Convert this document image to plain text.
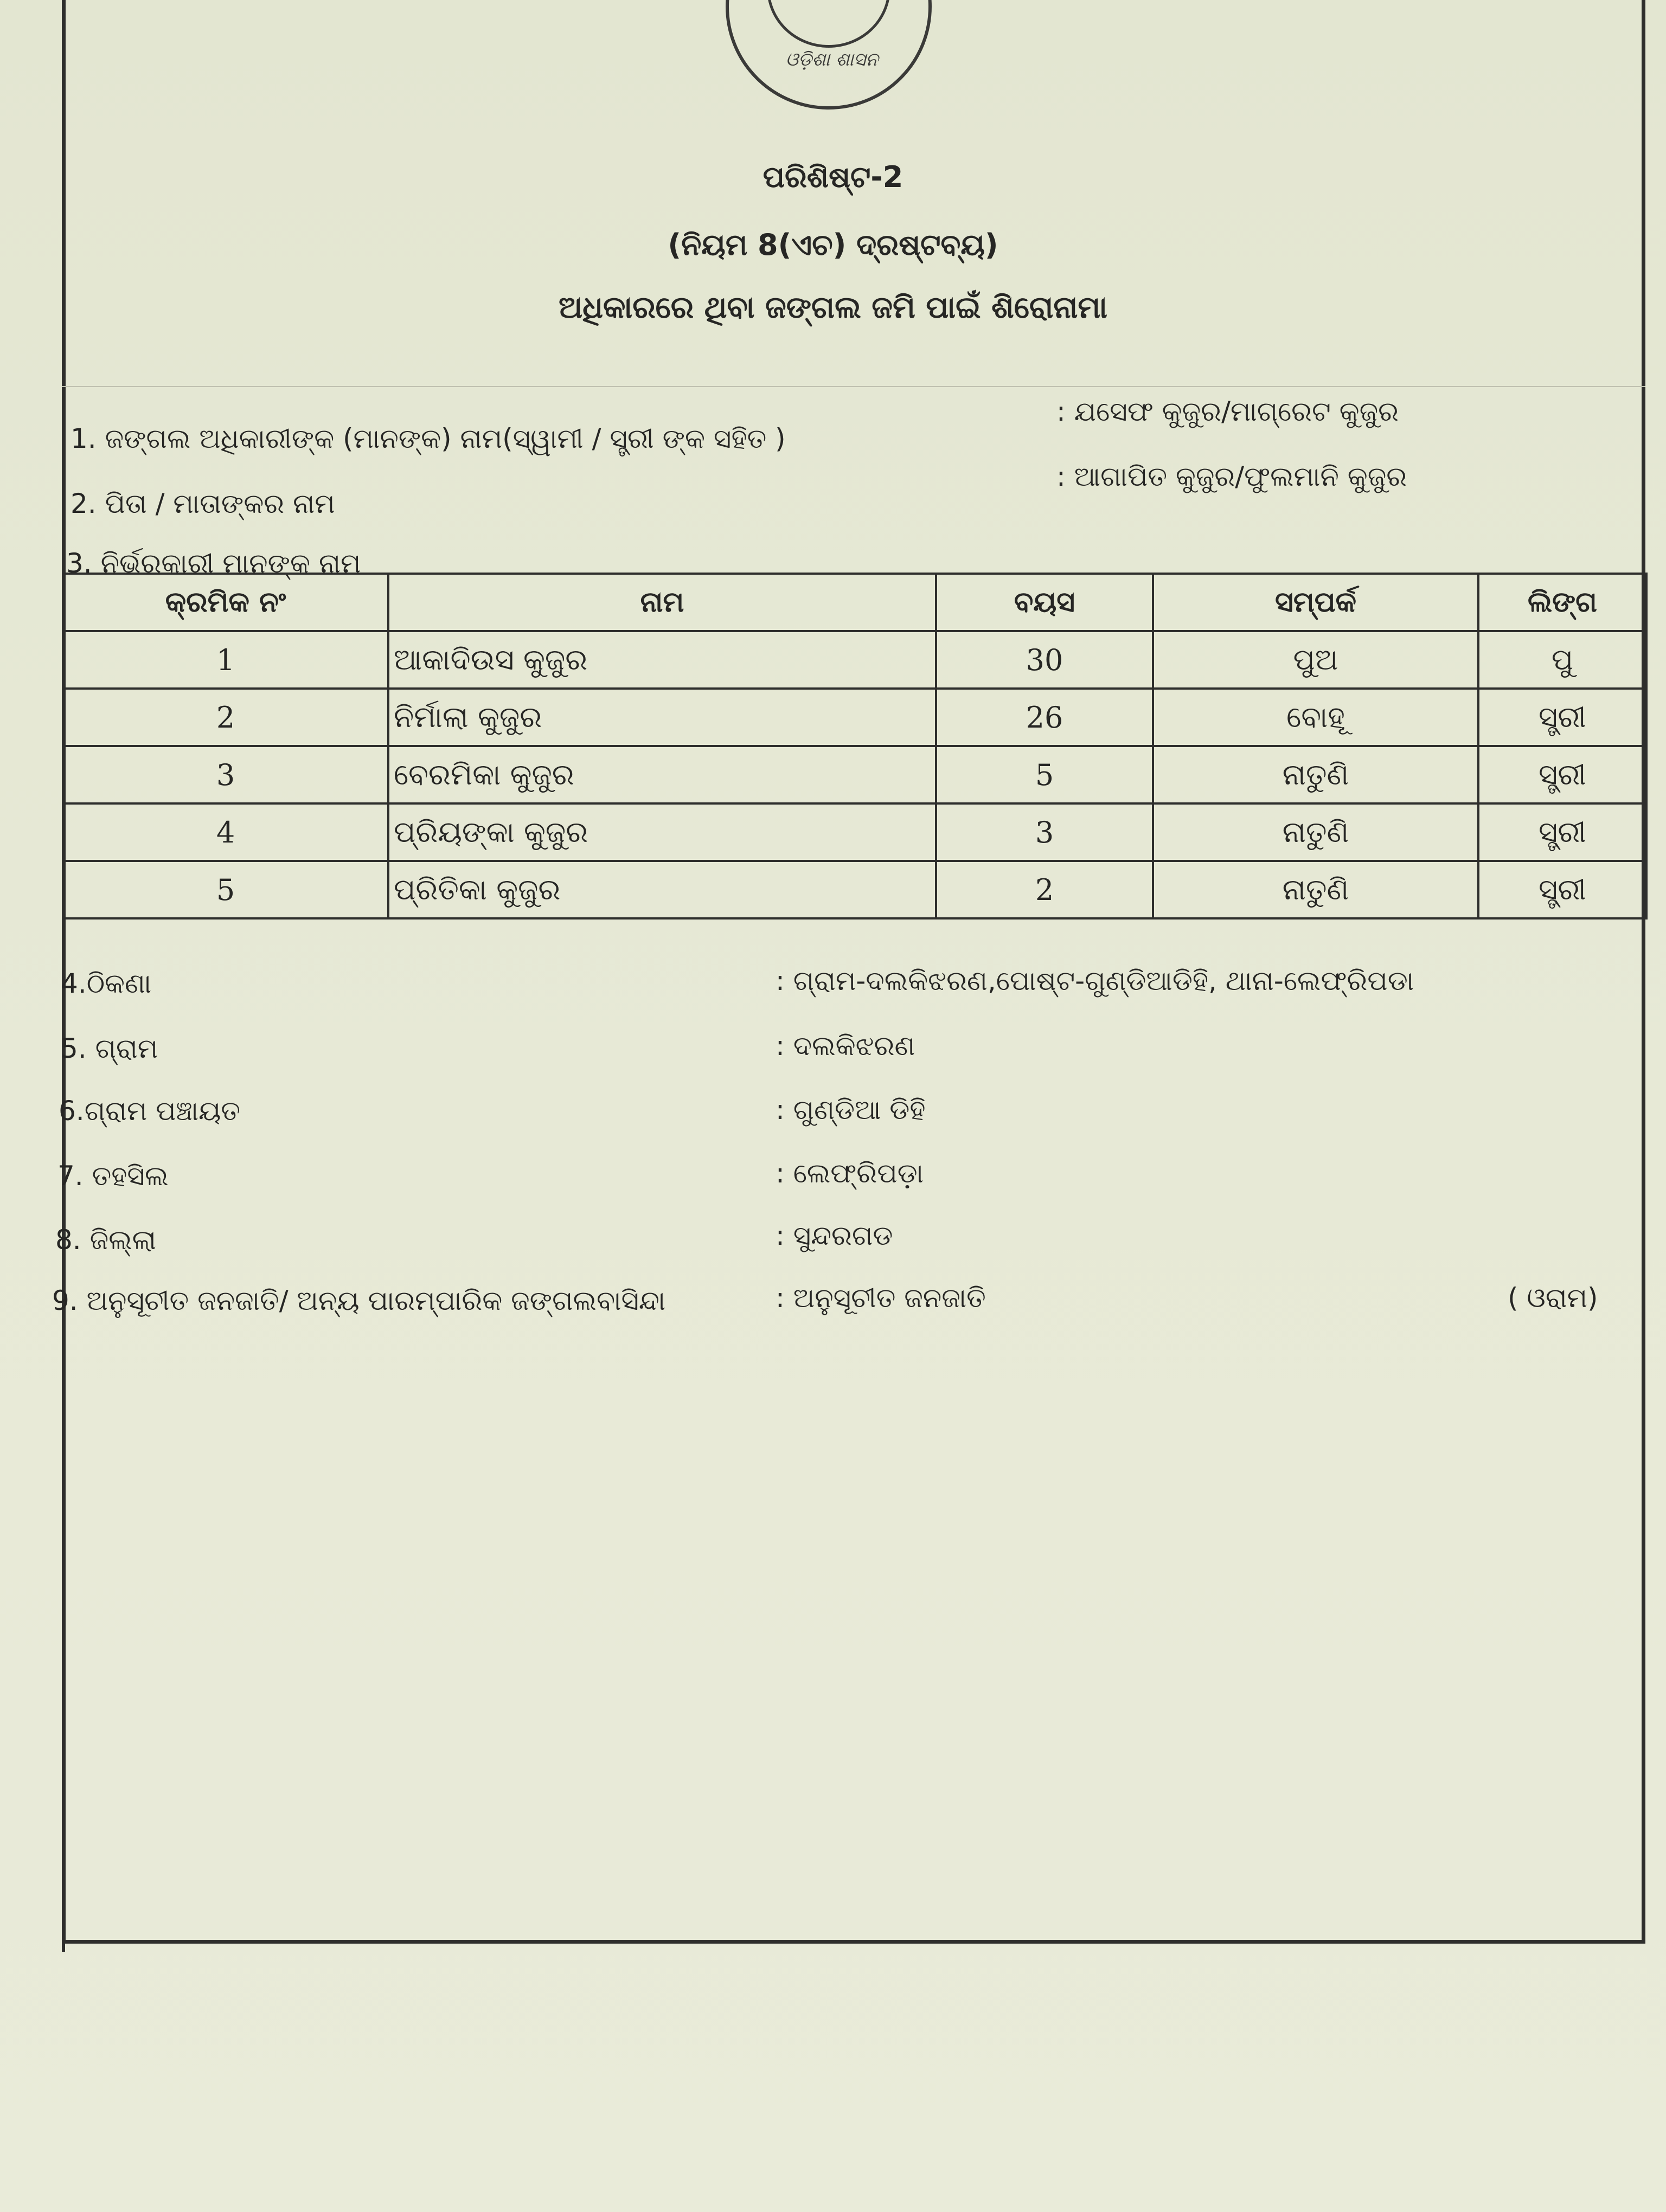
ଓଡ଼ିଶା ଶାସନ
ପରିଶିଷ୍ଟ-2
(ନିୟମ 8(ଏଚ) ଦ୍ରଷ୍ଟବ୍ୟ)
ଅଧିକାରରେ ଥିବା ଜଙ୍ଗଲ ଜମି ପାଇଁ ଶିରୋନାମା
1. ଜଙ୍ଗଲ ଅଧିକାରୀଙ୍କ (ମାନଙ୍କ) ନାମ(ସ୍ୱାମୀ / ସ୍ତ୍ରୀ ଙ୍କ ସହିତ )
: ଯସେଫ କୁଜୁର/ମାଗ୍ରେଟ କୁଜୁର
2. ପିତା / ମାତାଙ୍କର ନାମ
: ଆଗାପିତ କୁଜୁର/ଫୁଲମାନି କୁଜୁର
3. ନିର୍ଭରକାରୀ ମାନଙ୍କ ନାମ
କ୍ରମିକ ନଂ	ନାମ	ବୟସ	ସମ୍ପର୍କ	ଲିଙ୍ଗ
1	ଆକାଦିଉସ କୁଜୁର	30	ପୁଅ	ପୁ
2	ନିର୍ମାଲା କୁଜୁର	26	ବୋହୂ	ସ୍ତ୍ରୀ
3	ବେରମିକା କୁଜୁର	5	ନାତୁଣି	ସ୍ତ୍ରୀ
4	ପ୍ରିୟଙ୍କା କୁଜୁର	3	ନାତୁଣି	ସ୍ତ୍ରୀ
5	ପ୍ରିତିକା କୁଜୁର	2	ନାତୁଣି	ସ୍ତ୍ରୀ
4.ଠିକଣା	: ଗ୍ରାମ-ଦଲକିଝରଣ,ପୋଷ୍ଟ-ଗୁଣ୍ଡିଆଡିହି, ଥାନା-ଲେଫ୍ରିପଡା
5. ଗ୍ରାମ	: ଦଲକିଝରଣ
6.ଗ୍ରାମ ପଞ୍ଚାୟତ	: ଗୁଣ୍ଡିଆ ଡିହି
7. ତହସିଲ	: ଲେଫ୍ରିପଡ଼ା
8. ଜିଲ୍ଲା	: ସୁନ୍ଦରଗଡ
9. ଅନୁସୂଚୀତ ଜନଜାତି/ ଅନ୍ୟ ପାରମ୍ପାରିକ ଜଙ୍ଗଲବାସିନ୍ଦା	: ଅନୁସୂଚୀତ ଜନଜାତି	( ଓରାମ)
